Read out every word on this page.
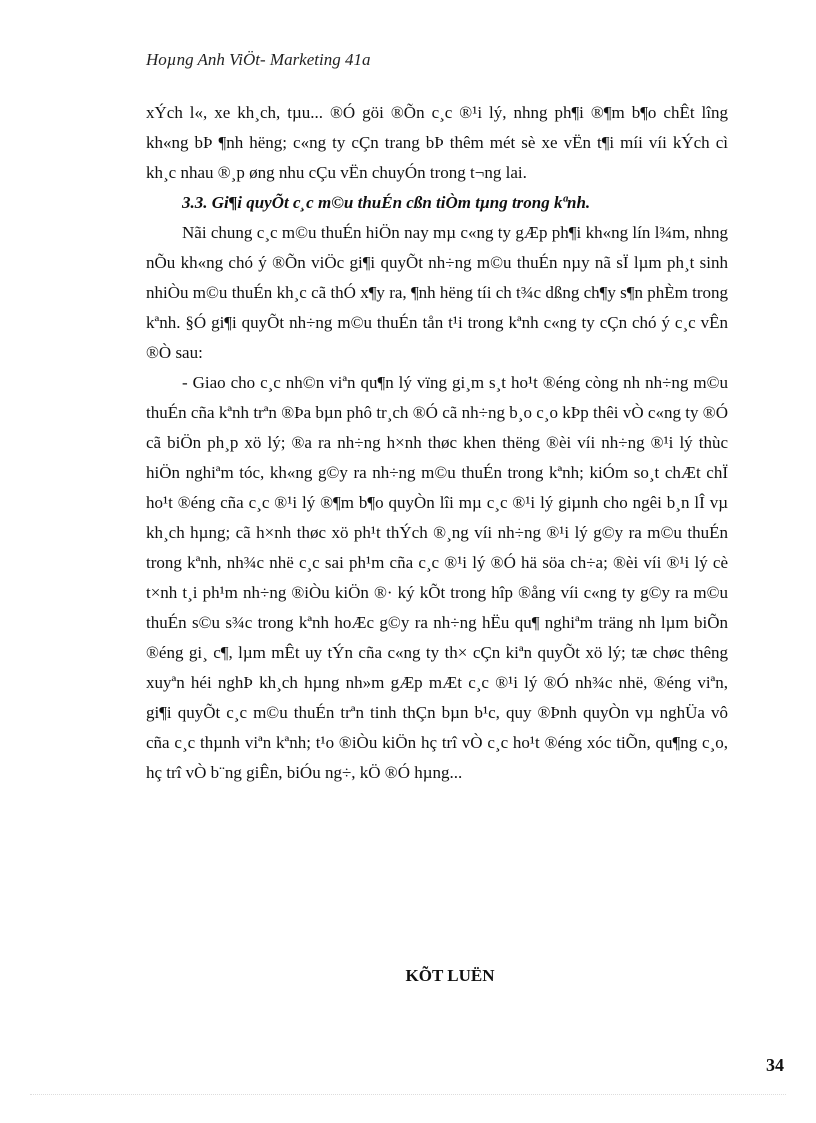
Hoµng Anh ViÖt- Marketing 41a

xÝch l«, xe kh¸ch, tµu... ®Ó göi ®Õn c¸c ®¹i lý, nhng ph¶i ®¶m b¶o chÊt lîng kh«ng bÞ ¶nh hëng; c«ng ty cÇn trang bÞ thêm mét sè xe vËn t¶i míi víi kÝch cì kh¸c nhau ®¸p øng nhu cÇu vËn chuyÓn trong t¬ng lai.

3.3. Gi¶i quyÕt c¸c m©u thuÉn cßn tiÒm tµng trong kªnh.

Nãi chung c¸c m©u thuÉn hiÖn nay mµ c«ng ty gÆp ph¶i kh«ng lín l¾m, nhng nÕu kh«ng chó ý ®Õn viÖc gi¶i quyÕt nh÷ng m©u thuÉn nµy nã sÏ lµm ph¸t sinh nhiÒu m©u thuÉn kh¸c cã thÓ x¶y ra, ¶nh hëng tíi ch t¾c dßng ch¶y s¶n phÈm trong kªnh. §Ó gi¶i quyÕt nh÷ng m©u thuÉn tån t¹i trong kªnh c«ng ty cÇn chó ý c¸c vÊn ®Ò sau:

- Giao cho c¸c nh©n viªn qu¶n lý vïng gi¸m s¸t ho¹t ®éng còng nh nh÷ng m©u thuÉn cña kªnh trªn ®Þa bµn phô tr¸ch ®Ó cã nh÷ng b¸o c¸o kÞp thêi vÒ c«ng ty ®Ó cã biÖn ph¸p xö lý; ®a ra nh÷ng h×nh thøc khen thëng ®èi víi nh÷ng ®¹i lý thùc hiÖn nghiªm tóc, kh«ng g©y ra nh÷ng m©u thuÉn trong kªnh; kiÓm so¸t chÆt chÏ ho¹t ®éng cña c¸c ®¹i lý ®¶m b¶o quyÒn lîi mµ c¸c ®¹i lý giµnh cho ngêi b¸n lÎ vµ kh¸ch hµng; cã h×nh thøc xö ph¹t thÝch ®¸ng víi nh÷ng ®¹i lý g©y ra m©u thuÉn trong kªnh, nh¾c nhë c¸c sai ph¹m cña c¸c ®¹i lý ®Ó hä söa ch÷a; ®èi víi ®¹i lý cè t×nh t¸i ph¹m nh÷ng ®iÒu kiÖn ®· ký kÕt trong hîp ®ång víi c«ng ty g©y ra m©u thuÉn s©u s¾c trong kªnh hoÆc g©y ra nh÷ng hËu qu¶ nghiªm träng nh lµm biÕn ®éng gi¸ c¶, lµm mÊt uy tÝn cña c«ng ty th× cÇn kiªn quyÕt xö lý; tæ chøc thêng xuyªn héi nghÞ kh¸ch hµng nh»m gÆp mÆt c¸c ®¹i lý ®Ó nh¾c nhë, ®éng viªn, gi¶i quyÕt c¸c m©u thuÉn trªn tinh thÇn bµn b¹c, quy ®Þnh quyÒn vµ nghÜa vô cña c¸c thµnh viªn kªnh; t¹o ®iÒu kiÖn hç trî vÒ c¸c ho¹t ®éng xóc tiÕn, qu¶ng c¸o, hç trî vÒ b¨ng giÊn, biÓu ng÷, kÖ ®Ó hµng...

KÕT LUËN
34
